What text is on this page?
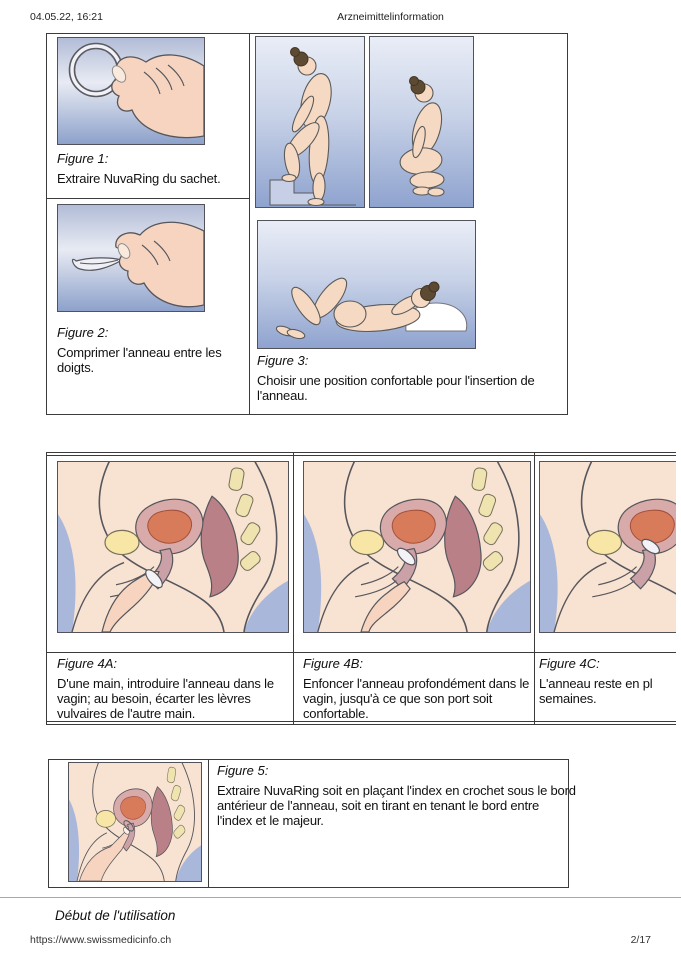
04.05.22, 16:21	Arzneimittelinformation
Figure 1:
Extraire NuvaRing du sachet.
Figure 2:
Comprimer l'anneau entre les
doigts.	Figure 3:
Choisir une position confortable pour l'insertion de
l'anneau.
Figure 4A:
D'une main, introduire l'anneau dans le
vagin; au besoin, écarter les lèvres
vulvaires de l'autre main.
Figure 4B:
Enfoncer l'anneau profondément dans le
vagin, jusqu'à ce que son port soit
confortable.
Figure 4C:
L'anneau reste en pl
semaines.
Figure 5:
Extraire NuvaRing soit en plaçant l'index en crochet sous le bord
antérieur de l'anneau, soit en tirant en tenant le bord entre
l'index et le majeur.
Début de l'utilisation
https://www.swissmedicinfo.ch	2/17
